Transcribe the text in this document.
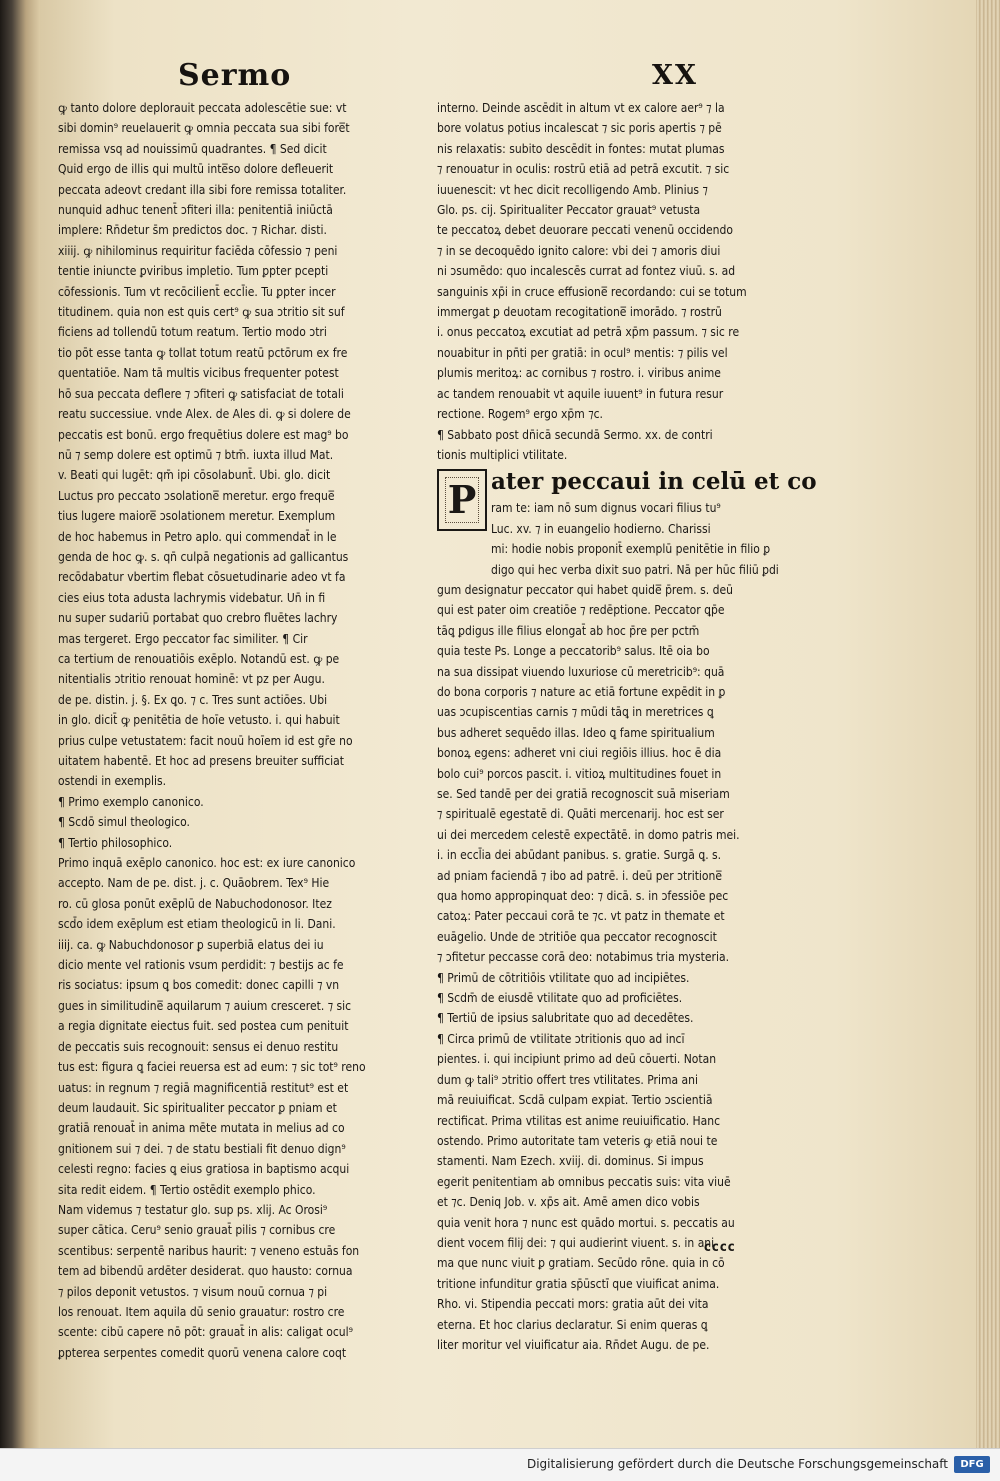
Sermo	XX

ꝙ tanto dolore deplorauit peccata adolescētie sue: vt

sibi domin⁹ reuelauerit ꝙ omnia peccata sua sibi fore̅t

remissa vsq ad nouissimū quadrantes. ¶ Sed dicit

Quid ergo de illis qui multū inte̅so dolore defleuerit

peccata adeovt credant illa sibi fore remissa totaliter.

nunquid adhuc tenent̄ ɔfiteri illa: penitentiā iniūctā

implere: Rn̄detur s̄m predictos doc. ⁊ Richar. disti.

xiiij. ꝙ nihilominus requiritur faciēda cōfessio ⁊ peni

tentie iniuncte ꝑviribus impletio. Tum ꝑpter pcepti

cōfessionis. Tum vt recōcilient̄ eccl̄ie. Tu ꝑpter incer

titudinem. quia non est quis cert⁹ ꝙ sua ɔtritio sit suf

ficiens ad tollendū totum reatum. Tertio modo ɔtri

tio pōt esse tanta ꝙ tollat totum reatū pctōrum ex fre

quentatiōe. Nam tā multis vicibus frequenter potest

hō sua peccata deflere ⁊ ɔfiteri ꝙ satisfaciat de totali

reatu successiue. vnde Alex. de Ales di. ꝙ si dolere de

peccatis est bonū. ergo frequētius dolere est mag⁹ bo

nū ⁊ semp dolere est optimū ⁊ btm̄. iuxta illud Mat.

v. Beati qui lugēt: qm̄ ipi cōsolabunt̄. Ubi. glo. dicit

Luctus pro peccato ɔsolatione̅ meretur. ergo freque̅

tius lugere maiore̅ ɔsolationem meretur. Exemplum

de hoc habemus in Petro aplo. qui commendat̄ in le

genda de hoc ꝙ. s. qn̄ culpā negationis ad gallicantus

recōdabatur vbertim flebat cōsuetudinarie adeo vt fa

cies eius tota adusta lachrymis videbatur. Un̄ in fi

nu super sudariū portabat quo crebro fluētes lachry

mas tergeret. Ergo peccator fac similiter. ¶ Cir

ca tertium de renouatiōis exēplo. Notandū est. ꝙ pe

nitentialis ɔtritio renouat hominē: vt pz per Augu.

de pe. distin. j. §. Ex ꝗo. ⁊ c. Tres sunt actiōes. Ubi

in glo. dicit̄ ꝙ penitētia de hoīe vetusto. i. qui habuit

prius culpe vetustatem: facit nouū hoīem id est gr̄e no

uitatem habentē. Et hoc ad presens breuiter sufficiat

ostendi in exemplis.

¶ Primo exemplo canonico.

¶ Scdō simul theologico.

¶ Tertio philosophico.

Primo inquā exēplo canonico. hoc est: ex iure canonico

accepto. Nam de pe. dist. j. c. Quāobrem. Tex⁹ Hie

ro. cū glosa ponūt exēplū de Nabuchodonosor. Itez

scd̄o idem exēplum est etiam theologicū in li. Dani.

iiij. ca. ꝙ Nabuchdonosor ꝑ superbiā elatus dei iu

dicio mente vel rationis vsum perdidit: ⁊ bestijs ac fe

ris sociatus: ipsum ꝗ bos comedit: donec capilli ⁊ vn

gues in similitudine̅ aquilarum ⁊ auium cresceret. ⁊ sic

a regia dignitate eiectus fuit. sed postea cum penituit

de peccatis suis recognouit: sensus ei denuo restitu

tus est: figura ꝗ faciei reuersa est ad eum: ⁊ sic tot⁹ reno

uatus: in regnum ⁊ regiā magnificentiā restitut⁹ est et

deum laudauit. Sic spiritualiter peccator ꝑ pniam et

gratiā renouat̄ in anima mēte mutata in melius ad co

gnitionem sui ⁊ dei. ⁊ de statu bestiali fit denuo dign⁹

celesti regno: facies ꝗ eius gratiosa in baptismo acqui

sita redit eidem. ¶ Tertio ostēdit exemplo phico.

Nam videmus ⁊ testatur glo. sup ps. xlij. Ac Orosi⁹

super cātica. Ceru⁹ senio grauat̄ pilis ⁊ cornibus cre

scentibus: serpentē naribus haurit: ⁊ veneno estuās fon

tem ad bibendū ardēter desiderat. quo hausto: cornua

⁊ pilos deponit vetustos. ⁊ visum nouū cornua ⁊ pi

los renouat. Item aquila dū senio grauatur: rostro cre

scente: cibū capere nō pōt: grauat̄ in alis: caligat ocul⁹

ꝑpterea serpentes comedit quorū venena calore coqt

interno. Deinde ascēdit in altum vt ex calore aer⁹ ⁊ la

bore volatus potius incalescat ⁊ sic poris apertis ⁊ pē

nis relaxatis: subito descēdit in fontes: mutat plumas

⁊ renouatur in oculis: rostrū etiā ad petrā excutit. ⁊ sic

iuuenescit: vt hec dicit recolligendo Amb. Plinius ⁊

Glo. ps. cij. Spiritualiter Peccator grauat⁹ vetusta

te peccatoꝝ debet deuorare peccati venenū occidendo

⁊ in se decoquēdo ignito calore: vbi dei ⁊ amoris diui

ni ɔsumēdo: quo incalescēs currat ad fontez viuū. s. ad

sanguinis xp̄i in cruce effusione̅ recordando: cui se totum

immergat ꝑ deuotam recogitatione̅ imorādo. ⁊ rostrū

i. onus peccatoꝝ excutiat ad petrā xp̄m passum. ⁊ sic re

nouabitur in pn̄ti per gratiā: in ocul⁹ mentis: ⁊ pilis vel

plumis meritoꝝ: ac cornibus ⁊ rostro. i. viribus anime

ac tandem renouabit vt aquile iuuent⁹ in futura resur

rectione. Rogem⁹ ergo xp̄m ⁊c.

¶ Sabbato post dn̄icā secundā Sermo. xx. de contri

tionis multiplici vtilitate.

P ater peccaui in celū et co

ram te: iam nō sum dignus vocari filius tu⁹

Luc. xv. ⁊ in euangelio hodierno. Charissi

mi: hodie nobis proponit̄ exemplū penitētie in filio ꝑ

digo qui hec verba dixit suo patri. Nā per hūc filiū ꝑdi

gum designatur peccator qui habet quide̅ p̄rem. s. deū

qui est pater oim creatiōe ⁊ redēptione. Peccator ꝗp̄e

tāꝗ ꝑdigus ille filius elongat̄ ab hoc p̄re per pctm̄

quia teste Ps. Longe a peccatorib⁹ salus. Itē oia bo

na sua dissipat viuendo luxuriose cū meretricib⁹: quā

do bona corporis ⁊ nature ac etiā fortune expēdit in ꝑ

uas ɔcupiscentias carnis ⁊ mūdi tāꝗ in meretrices ꝗ

bus adheret sequēdo illas. Ideo ꝗ fame spiritualium

bonoꝝ egens: adheret vni ciui regiōis illius. hoc ē dia

bolo cui⁹ porcos pascit. i. vitioꝝ multitudines fouet in

se. Sed tandē per dei gratiā recognoscit suā miseriam

⁊ spiritualē egestatē di. Quāti mercenarij. hoc est ser

ui dei mercedem celestē expectātē. in domo patris mei.

i. in eccl̄ia dei abūdant panibus. s. gratie. Surgā ꝗ. s.

ad pniam faciendā ⁊ ibo ad patrē. i. deū per ɔtritione̅

qua homo appropinquat deo: ⁊ dicā. s. in ɔfessiōe pec

catoꝝ: Pater peccaui corā te ⁊c. vt patz in themate et

euāgelio. Unde de ɔtritiōe qua peccator recognoscit

⁊ ɔfitetur peccasse corā deo: notabimus tria mysteria.

¶ Primū de cōtritiōis vtilitate quo ad incipiētes.

¶ Scdm̄ de eiusdē vtilitate quo ad proficiētes.

¶ Tertiū de ipsius salubritate quo ad decedētes.

¶ Circa primū de vtilitate ɔtritionis quo ad incī

pientes. i. qui incipiunt primo ad deū cōuerti. Notan

dum ꝙ tali⁹ ɔtritio offert tres vtilitates. Prima ani

mā reuiuificat. Scdā culpam expiat. Tertio ɔscientiā

rectificat. Prima vtilitas est anime reuiuificatio. Hanc

ostendo. Primo autoritate tam veteris ꝙ etiā noui te

stamenti. Nam Ezech. xviij. di. dominus. Si impus

egerit penitentiam ab omnibus peccatis suis: vita viuē

et ⁊c. Deniq Job. v. xp̄s ait. Amē amen dico vobis

quia venit hora ⁊ nunc est quādo mortui. s. peccatis au

dient vocem filij dei: ⁊ qui audierint viuent. s. in ani

ma que nunc viuit ꝑ gratiam. Secūdo rōne. quia in cō

tritione infunditur gratia sp̄ūsctī que viuificat anima.

Rho. vi. Stipendia peccati mors: gratia aūt dei vita

eterna. Et hoc clarius declaratur. Si enim queras ꝗ

liter moritur vel viuificatur aia. Rn̄det Augu. de pe.

cccc
Digitalisierung gefördert durch die Deutsche Forschungsgemeinschaft	DFG
